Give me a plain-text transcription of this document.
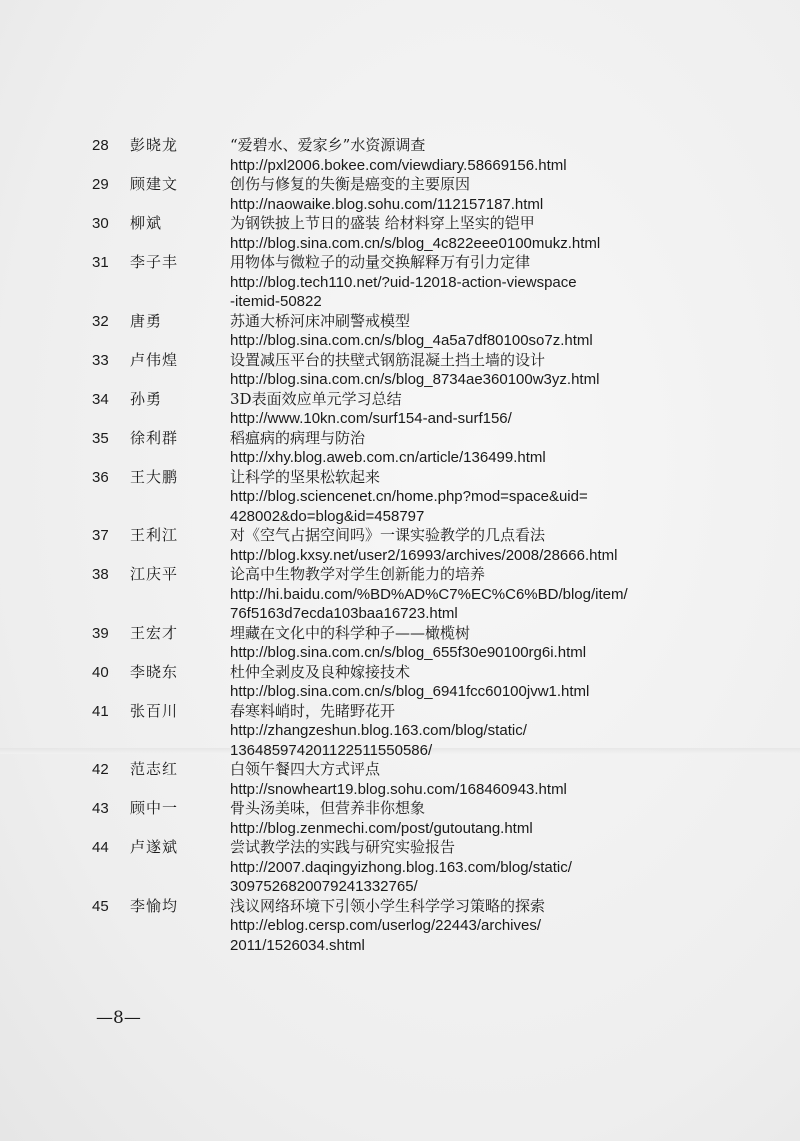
28	彭晓龙	“爱碧水、爱家乡”水资源调查
http://pxl2006.bokee.com/viewdiary.58669156.html
29	顾建文	创伤与修复的失衡是癌变的主要原因
http://naowaike.blog.sohu.com/112157187.html
30	柳斌	为钢铁披上节日的盛装 给材料穿上坚实的铠甲
http://blog.sina.com.cn/s/blog_4c822eee0100mukz.html
31	李子丰	用物体与微粒子的动量交换解释万有引力定律
http://blog.tech110.net/?uid-12018-action-viewspace
-itemid-50822
32	唐勇	苏通大桥河床冲刷警戒模型
http://blog.sina.com.cn/s/blog_4a5a7df80100so7z.html
33	卢伟煌	设置减压平台的扶壁式钢筋混凝土挡土墙的设计
http://blog.sina.com.cn/s/blog_8734ae360100w3yz.html
34	孙勇	3D表面效应单元学习总结
http://www.10kn.com/surf154-and-surf156/
35	徐利群	稻瘟病的病理与防治
http://xhy.blog.aweb.com.cn/article/136499.html
36	王大鹏	让科学的坚果松软起来
http://blog.sciencenet.cn/home.php?mod=space&uid=
428002&do=blog&id=458797
37	王利江	对《空气占据空间吗》一课实验教学的几点看法
http://blog.kxsy.net/user2/16993/archives/2008/28666.html
38	江庆平	论高中生物教学对学生创新能力的培养
http://hi.baidu.com/%BD%AD%C7%EC%C6%BD/blog/item/
76f5163d7ecda103baa16723.html
39	王宏才	埋藏在文化中的科学种子——橄榄树
http://blog.sina.com.cn/s/blog_655f30e90100rg6i.html
40	李晓东	杜仲全剥皮及良种嫁接技术
http://blog.sina.com.cn/s/blog_6941fcc60100jvw1.html
41	张百川	春寒料峭时，先睹野花开
http://zhangzeshun.blog.163.com/blog/static/
136485974201122511550586/
42	范志红	白领午餐四大方式评点
http://snowheart19.blog.sohu.com/168460943.html
43	顾中一	骨头汤美味，但营养非你想象
http://blog.zenmechi.com/post/gutoutang.html
44	卢遂斌	尝试教学法的实践与研究实验报告
http://2007.daqingyizhong.blog.163.com/blog/static/
30975268200792413327​65/
45	李愉均	浅议网络环境下引领小学生科学学习策略的探索
http://eblog.cersp.com/userlog/22443/archives/
2011/1526034.shtml
—8—
